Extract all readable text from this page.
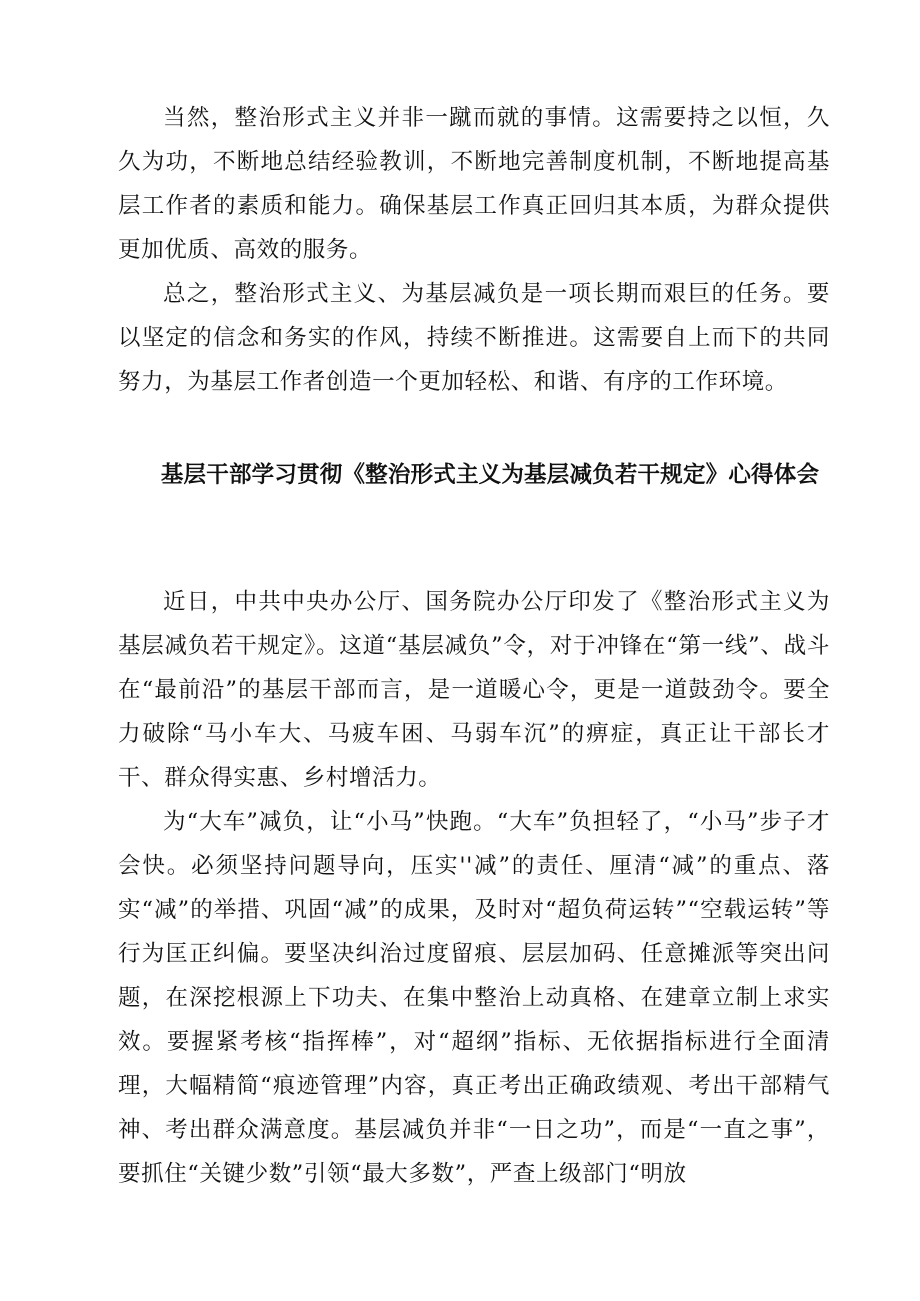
当然，整治形式主义并非一蹴而就的事情。这需要持之以恒，久久为功，不断地总结经验教训，不断地完善制度机制，不断地提高基层工作者的素质和能力。确保基层工作真正回归其本质，为群众提供更加优质、高效的服务。

总之，整治形式主义、为基层减负是一项长期而艰巨的任务。要以坚定的信念和务实的作风，持续不断推进。这需要自上而下的共同努力，为基层工作者创造一个更加轻松、和谐、有序的工作环境。

基层干部学习贯彻《整治形式主义为基层减负若干规定》心得体会

近日，中共中央办公厅、国务院办公厅印发了《整治形式主义为基层减负若干规定》。这道“基层减负”令，对于冲锋在“第一线”、战斗在“最前沿”的基层干部而言，是一道暖心令，更是一道鼓劲令。要全力破除“马小车大、马疲车困、马弱车沉”的痹症，真正让干部长才干、群众得实惠、乡村增活力。

为“大车”减负，让“小马”快跑。“大车”负担轻了，“小马”步子才会快。必须坚持问题导向，压实''减”的责任、厘清“减”的重点、落实“减”的举措、巩固“减”的成果，及时对“超负荷运转”“空载运转”等行为匡正纠偏。要坚决纠治过度留痕、层层加码、任意摊派等突出问题，在深挖根源上下功夫、在集中整治上动真格、在建章立制上求实效。要握紧考核“指挥棒”，对“超纲”指标、无依据指标进行全面清理，大幅精简“痕迹管理”内容，真正考出正确政绩观、考出干部精气神、考出群众满意度。基层减负并非“一日之功”，而是“一直之事”，要抓住“关键少数”引领“最大多数”，严查上级部门“明放
